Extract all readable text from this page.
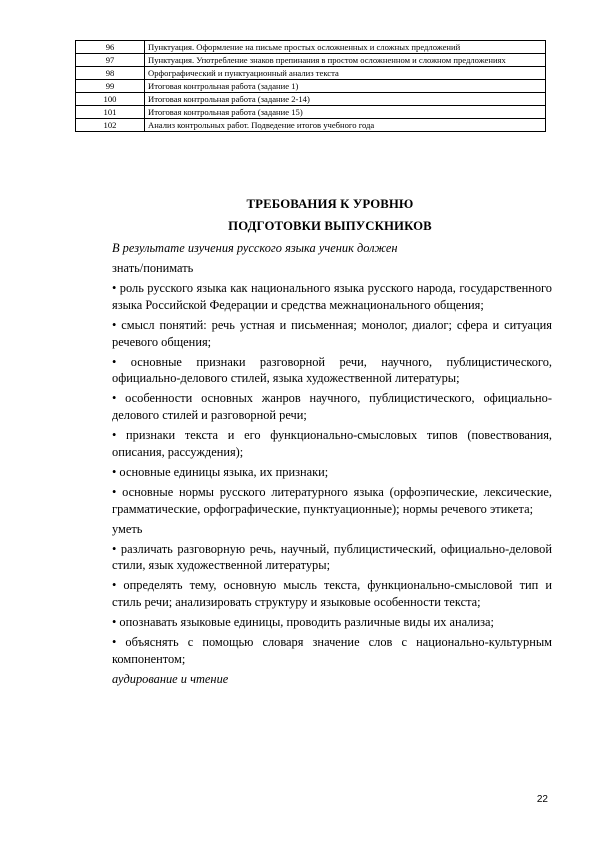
96	Пунктуация. Оформление на письме простых осложненных и сложных предложений
97	Пунктуация. Употребление знаков препинания в простом осложненном и сложном предложениях
98	Орфографический и пунктуационный анализ текста
99	Итоговая контрольная работа (задание 1)
100	Итоговая контрольная работа (задание 2-14)
101	Итоговая контрольная работа (задание 15)
102	Анализ контрольных работ. Подведение итогов учебного года
ТРЕБОВАНИЯ К УРОВНЮ
ПОДГОТОВКИ ВЫПУСКНИКОВ

В результате изучения русского языка ученик должен

знать/понимать

• роль русского языка как национального языка русского народа, государственного языка Российской Федерации и средства межнационального общения;

• смысл понятий: речь устная и письменная; монолог, диалог; сфера и ситуация речевого общения;

• основные признаки разговорной речи, научного, публицистического, официально-делового стилей, языка художественной литературы;

• особенности основных жанров научного, публицистического, официально-делового стилей и разговорной речи;

• признаки текста и его функционально-смысловых типов (повествования, описания, рассуждения);

• основные единицы языка, их признаки;

• основные нормы русского литературного языка (орфоэпические, лексические, грамматические, орфографические, пунктуационные); нормы речевого этикета;

уметь

• различать разговорную речь, научный, публицистический, официально-деловой стили, язык художественной литературы;

• определять тему, основную мысль текста, функционально-смысловой тип и стиль речи; анализировать структуру и языковые особенности текста;

• опознавать языковые единицы, проводить различные виды их анализа;

• объяснять с помощью словаря значение слов с национально-культурным компонентом;

аудирование и чтение

22
